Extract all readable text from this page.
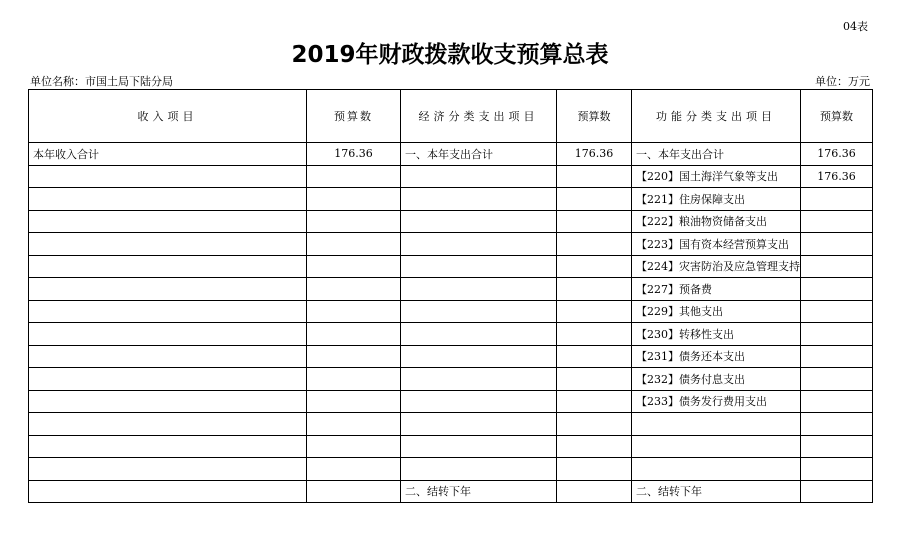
04表
2019年财政拨款收支预算总表
单位名称：市国土局下陆分局	单位：万元
收入项目	预算数	经济分类支出项目	预算数	功能分类支出项目	预算数
本年收入合计	176.36	一、本年支出合计	176.36	一、本年支出合计	176.36
				【220】国土海洋气象等支出	176.36
				【221】住房保障支出	
				【222】粮油物资储备支出	
				【223】国有资本经营预算支出	
				【224】灾害防治及应急管理支持	
				【227】预备费	
				【229】其他支出	
				【230】转移性支出	
				【231】债务还本支出	
				【232】债务付息支出	
				【233】债务发行费用支出	

		二、结转下年		二、结转下年	
